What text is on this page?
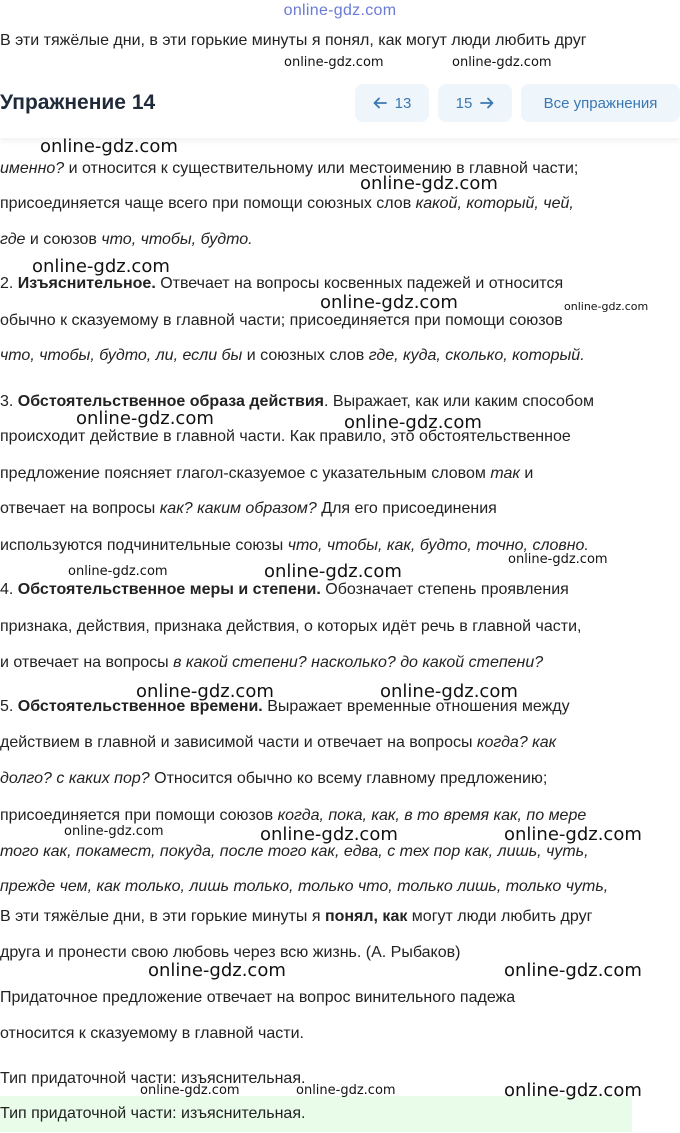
online-gdz.com
В эти тяжёлые дни, в эти горькие минуты я понял, как могут люди любить друг
online-gdz.com	online-gdz.com
Упражнение 14	13	15	Все упражнения
именно? и относится к существительному или местоимению в главной части;
присоединяется чаще всего при помощи союзных слов какой, который, чей,
где и союзов что, чтобы, будто.
2. Изъяснительное. Отвечает на вопросы косвенных падежей и относится
обычно к сказуемому в главной части; присоединяется при помощи союзов
что, чтобы, будто, ли, если бы и союзных слов где, куда, сколько, который.
3. Обстоятельственное образа действия. Выражает, как или каким способом
происходит действие в главной части. Как правило, это обстоятельственное
предложение поясняет глагол-сказуемое с указательным словом так и
отвечает на вопросы как? каким образом? Для его присоединения
используются подчинительные союзы что, чтобы, как, будто, точно, словно.
4. Обстоятельственное меры и степени. Обозначает степень проявления
признака, действия, признака действия, о которых идёт речь в главной части,
и отвечает на вопросы в какой степени? насколько? до какой степени?
5. Обстоятельственное времени. Выражает временные отношения между
действием в главной и зависимой части и отвечает на вопросы когда? как
долго? с каких пор? Относится обычно ко всему главному предложению;
присоединяется при помощи союзов когда, пока, как, в то время как, по мере
того как, покамест, покуда, после того как, едва, с тех пор как, лишь, чуть,
прежде чем, как только, лишь только, только что, только лишь, только чуть,
В эти тяжёлые дни, в эти горькие минуты я понял, как могут люди любить друг
друга и пронести свою любовь через всю жизнь. (А. Рыбаков)
Придаточное предложение отвечает на вопрос винительного падежа
относится к сказуемому в главной части.
Тип придаточной части: изъяснительная.
Тип придаточной части: изъяснительная.
online-gdz.com
online-gdz.com
online-gdz.com
online-gdz.com	online-gdz.com
online-gdz.com	online-gdz.com
online-gdz.com
online-gdz.com	online-gdz.com
online-gdz.com	online-gdz.com
online-gdz.com	online-gdz.com	online-gdz.com
online-gdz.com	online-gdz.com
online-gdz.com	online-gdz.com	online-gdz.com
